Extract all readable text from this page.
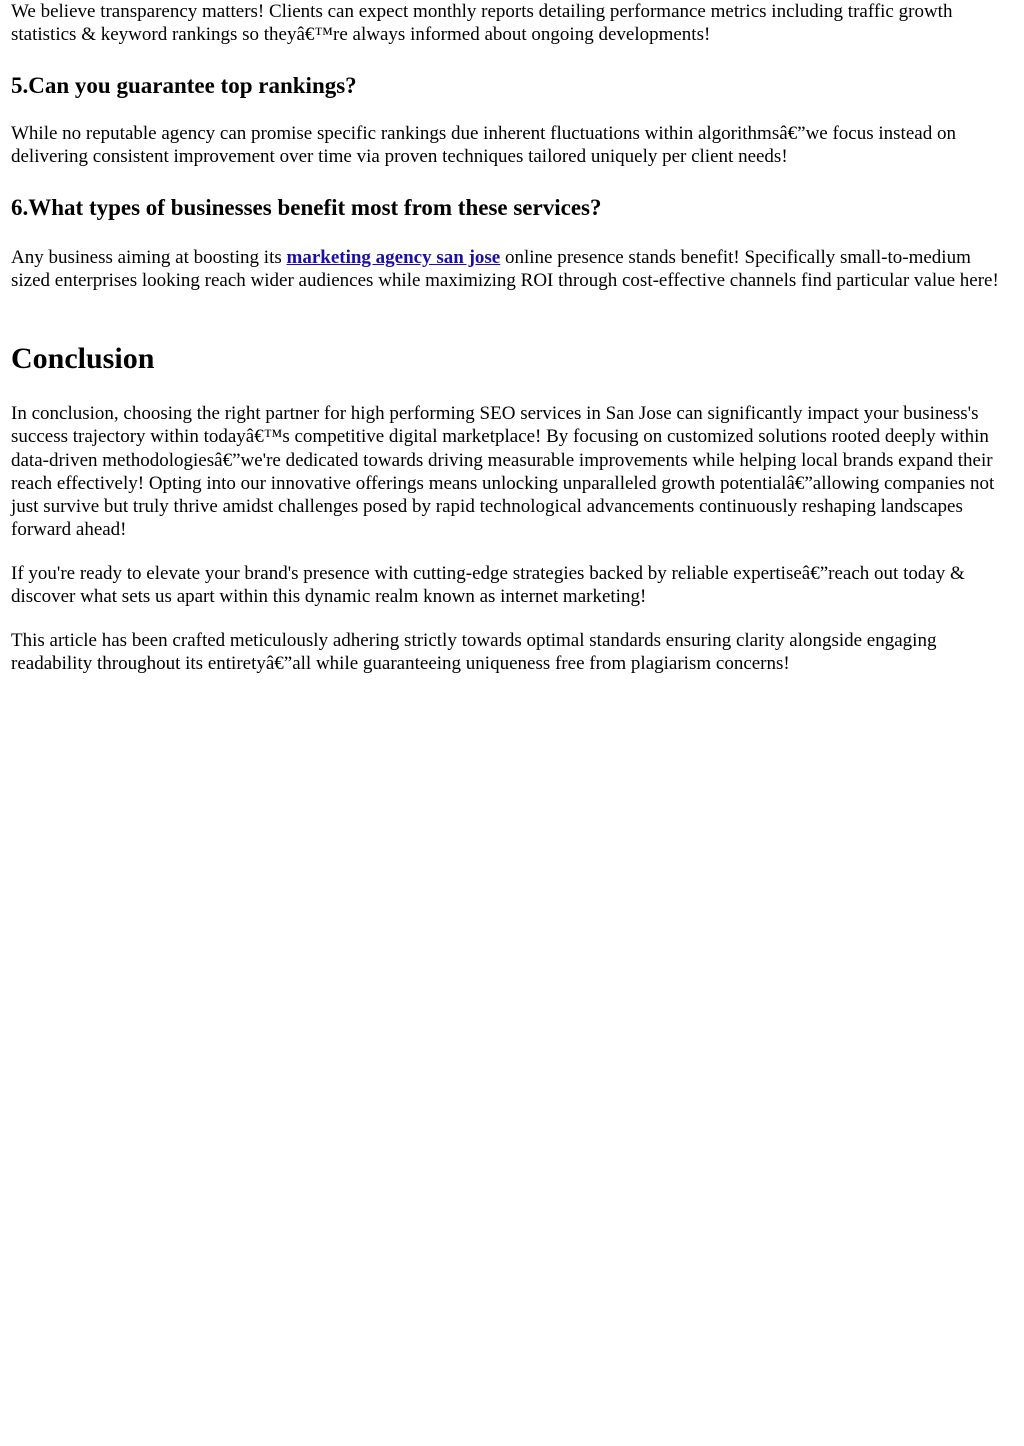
We believe transparency matters! Clients can expect monthly reports detailing performance metrics including traffic growth statistics & keyword rankings so theyâ€™re always informed about ongoing developments!

5.Can you guarantee top rankings?

While no reputable agency can promise specific rankings due inherent fluctuations within algorithmsâ€”we focus instead on delivering consistent improvement over time via proven techniques tailored uniquely per client needs!

6.What types of businesses benefit most from these services?

Any business aiming at boosting its marketing agency san jose online presence stands benefit! Specifically small-to-medium sized enterprises looking reach wider audiences while maximizing ROI through cost-effective channels find particular value here!

Conclusion

In conclusion, choosing the right partner for high performing SEO services in San Jose can significantly impact your business's success trajectory within todayâ€™s competitive digital marketplace! By focusing on customized solutions rooted deeply within data-driven methodologiesâ€”we're dedicated towards driving measurable improvements while helping local brands expand their reach effectively! Opting into our innovative offerings means unlocking unparalleled growth potentialâ€”allowing companies not just survive but truly thrive amidst challenges posed by rapid technological advancements continuously reshaping landscapes forward ahead!

If you're ready to elevate your brand's presence with cutting-edge strategies backed by reliable expertiseâ€”reach out today & discover what sets us apart within this dynamic realm known as internet marketing!

This article has been crafted meticulously adhering strictly towards optimal standards ensuring clarity alongside engaging readability throughout its entiretyâ€”all while guaranteeing uniqueness free from plagiarism concerns!
